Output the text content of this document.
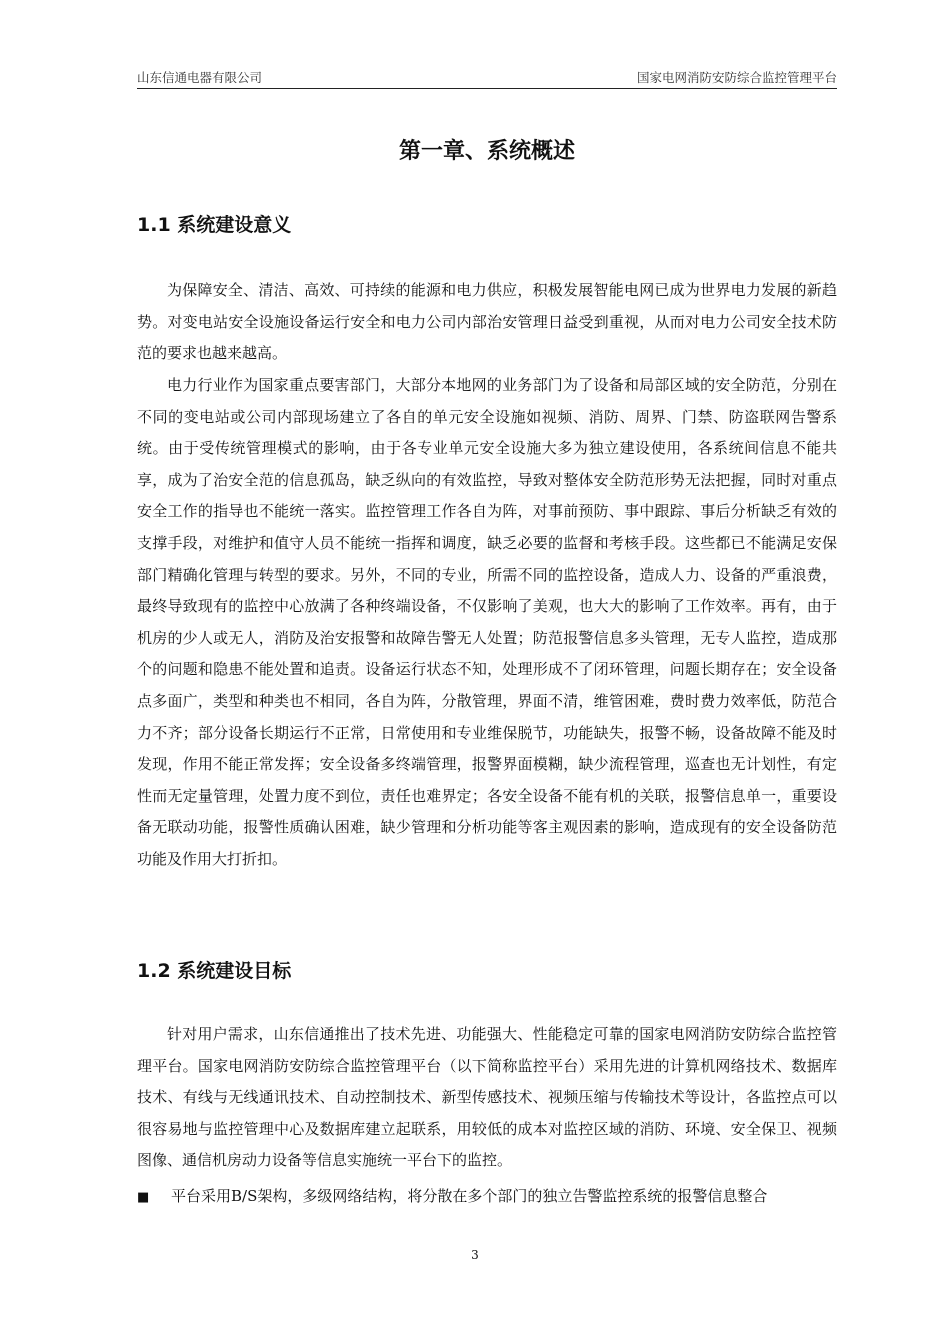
山东信通电器有限公司	国家电网消防安防综合监控管理平台
第一章、系统概述
1.1 系统建设意义

为保障安全、清洁、高效、可持续的能源和电力供应，积极发展智能电网已成为世界电力发展的新趋势。对变电站安全设施设备运行安全和电力公司内部治安管理日益受到重视，从而对电力公司安全技术防范的要求也越来越高。

电力行业作为国家重点要害部门，大部分本地网的业务部门为了设备和局部区域的安全防范，分别在不同的变电站或公司内部现场建立了各自的单元安全设施如视频、消防、周界、门禁、防盗联网告警系统。由于受传统管理模式的影响，由于各专业单元安全设施大多为独立建设使用，各系统间信息不能共享，成为了治安全范的信息孤岛，缺乏纵向的有效监控，导致对整体安全防范形势无法把握，同时对重点安全工作的指导也不能统一落实。监控管理工作各自为阵，对事前预防、事中跟踪、事后分析缺乏有效的支撑手段，对维护和值守人员不能统一指挥和调度，缺乏必要的监督和考核手段。这些都已不能满足安保部门精确化管理与转型的要求。另外，不同的专业，所需不同的监控设备，造成人力、设备的严重浪费，最终导致现有的监控中心放满了各种终端设备，不仅影响了美观，也大大的影响了工作效率。再有，由于机房的少人或无人，消防及治安报警和故障告警无人处置；防范报警信息多头管理，无专人监控，造成那个的问题和隐患不能处置和追责。设备运行状态不知，处理形成不了闭环管理，问题长期存在；安全设备点多面广，类型和种类也不相同，各自为阵，分散管理，界面不清，维管困难，费时费力效率低，防范合力不齐；部分设备长期运行不正常，日常使用和专业维保脱节，功能缺失，报警不畅，设备故障不能及时发现，作用不能正常发挥；安全设备多终端管理，报警界面模糊，缺少流程管理，巡查也无计划性，有定性而无定量管理，处置力度不到位，责任也难界定；各安全设备不能有机的关联，报警信息单一，重要设备无联动功能，报警性质确认困难，缺少管理和分析功能等客主观因素的影响，造成现有的安全设备防范功能及作用大打折扣。

1.2 系统建设目标

针对用户需求，山东信通推出了技术先进、功能强大、性能稳定可靠的国家电网消防安防综合监控管理平台。国家电网消防安防综合监控管理平台（以下简称监控平台）采用先进的计算机网络技术、数据库技术、有线与无线通讯技术、自动控制技术、新型传感技术、视频压缩与传输技术等设计，各监控点可以很容易地与监控管理中心及数据库建立起联系，用较低的成本对监控区域的消防、环境、安全保卫、视频图像、通信机房动力设备等信息实施统一平台下的监控。

■ 平台采用B/S架构，多级网络结构，将分散在多个部门的独立告警监控系统的报警信息整合
3
